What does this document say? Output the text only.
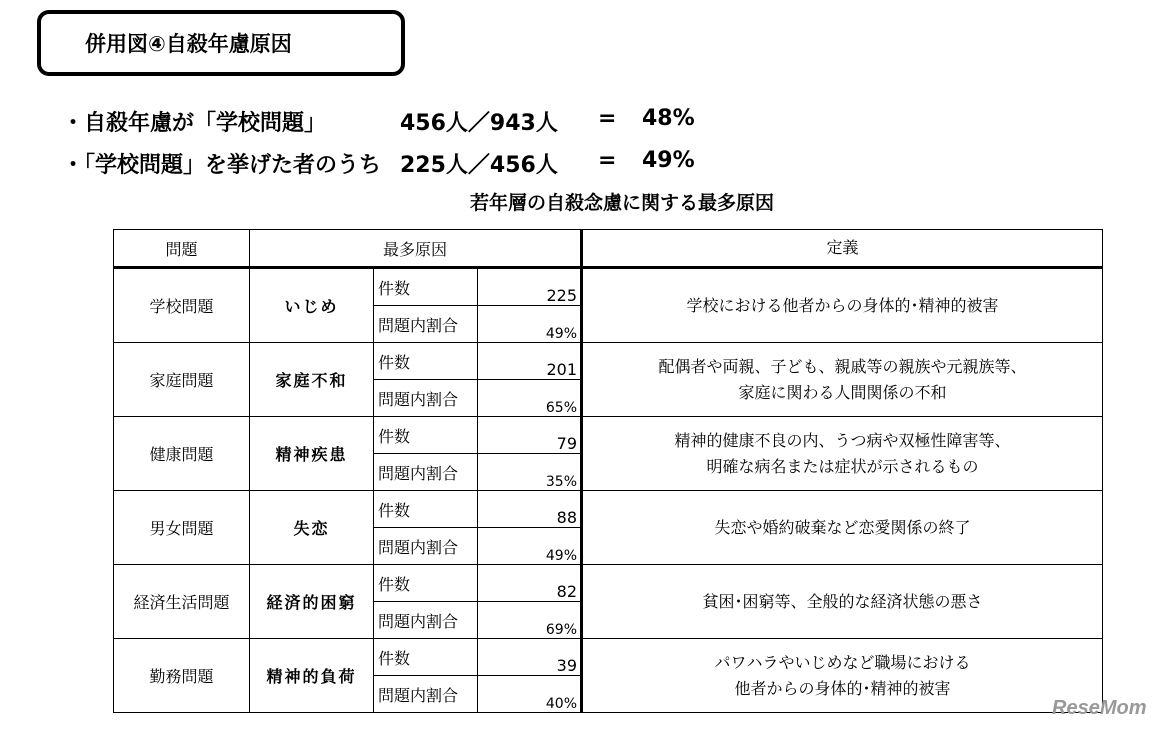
併用図④自殺年慮原因
・自殺年慮が「学校問題」	456人／943人 = 48%
・「学校問題」を挙げた者のうち 225人／456人 = 49%
若年層の自殺念慮に関する最多原因
問題	最多原因			定義
学校問題	いじめ	件数	225	学校における他者からの身体的･精神的被害

		問題内割合	49%	
家庭問題	家庭不和	件数	201	配偶者や両親、子ども、親戚等の親族や元親族等、
家庭に関わる人間関係の不和

		問題内割合	65%	
健康問題	精神疾患	件数	79	精神的健康不良の内、うつ病や双極性障害等、
明確な病名または症状が示されるもの

		問題内割合	35%	
男女問題	失恋	件数	88	失恋や婚約破棄など恋愛関係の終了

		問題内割合	49%	
経済生活問題	経済的困窮	件数	82	貧困･困窮等、全般的な経済状態の悪さ

		問題内割合	69%	
勤務問題	精神的負荷	件数	39	パワハラやいじめなど職場における
他者からの身体的･精神的被害

		問題内割合	40%		ReseMom
